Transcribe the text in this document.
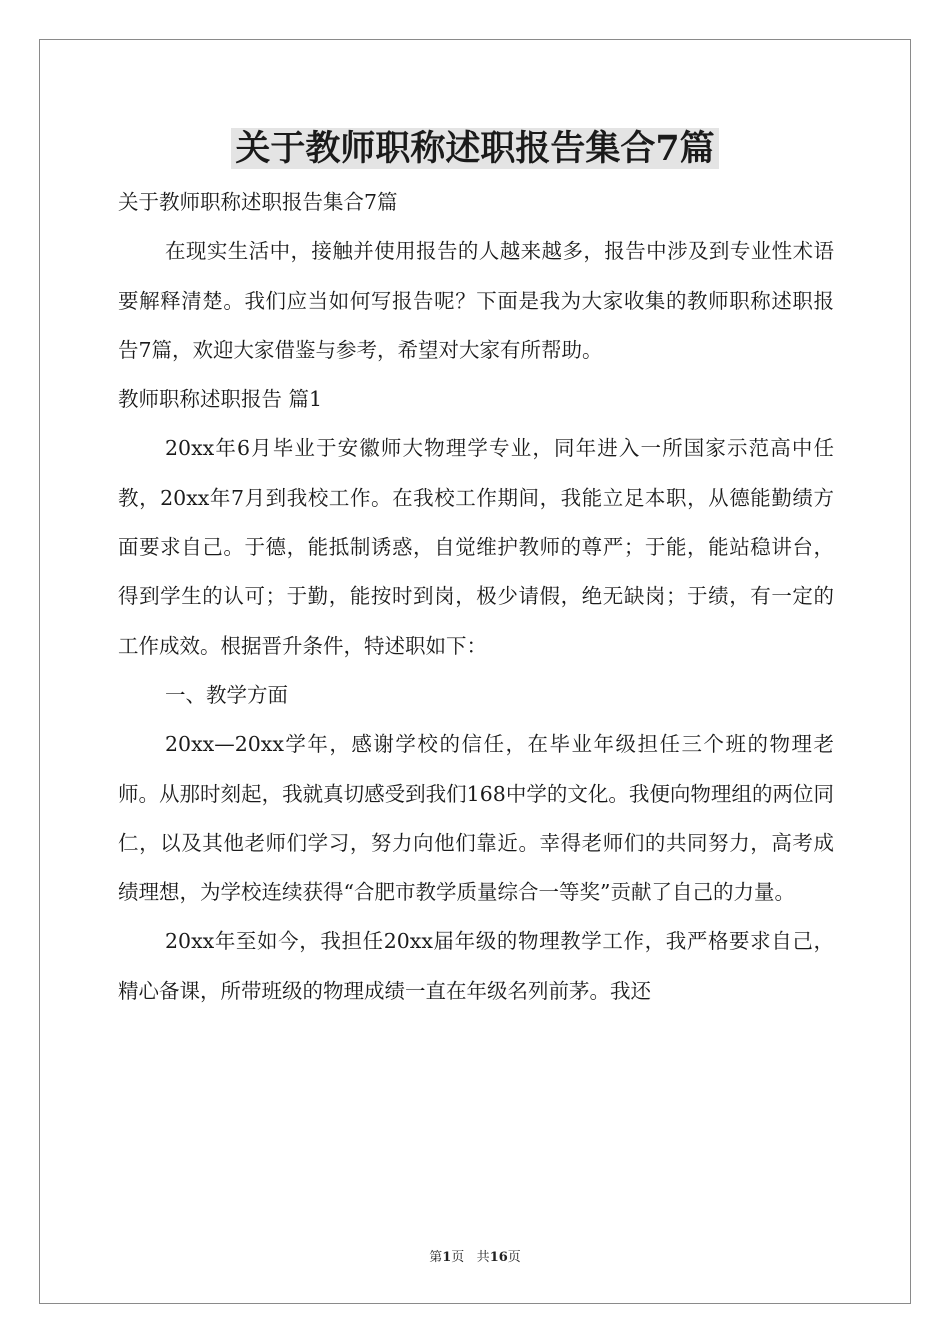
关于教师职称述职报告集合7篇

关于教师职称述职报告集合7篇

在现实生活中，接触并使用报告的人越来越多，报告中涉及到专业性术语要解释清楚。我们应当如何写报告呢？下面是我为大家收集的教师职称述职报告7篇，欢迎大家借鉴与参考，希望对大家有所帮助。

教师职称述职报告 篇1

20xx年6月毕业于安徽师大物理学专业，同年进入一所国家示范高中任教，20xx年7月到我校工作。在我校工作期间，我能立足本职，从德能勤绩方面要求自己。于德，能抵制诱惑，自觉维护教师的尊严；于能，能站稳讲台，得到学生的认可；于勤，能按时到岗，极少请假，绝无缺岗；于绩，有一定的工作成效。根据晋升条件，特述职如下：

一、教学方面

20xx—20xx学年，感谢学校的信任，在毕业年级担任三个班的物理老师。从那时刻起，我就真切感受到我们168中学的文化。我便向物理组的两位同仁，以及其他老师们学习，努力向他们靠近。幸得老师们的共同努力，高考成绩理想，为学校连续获得“合肥市教学质量综合一等奖”贡献了自己的力量。

20xx年至如今，我担任20xx届年级的物理教学工作，我严格要求自己，精心备课，所带班级的物理成绩一直在年级名列前茅。我还

第1页 共16页
